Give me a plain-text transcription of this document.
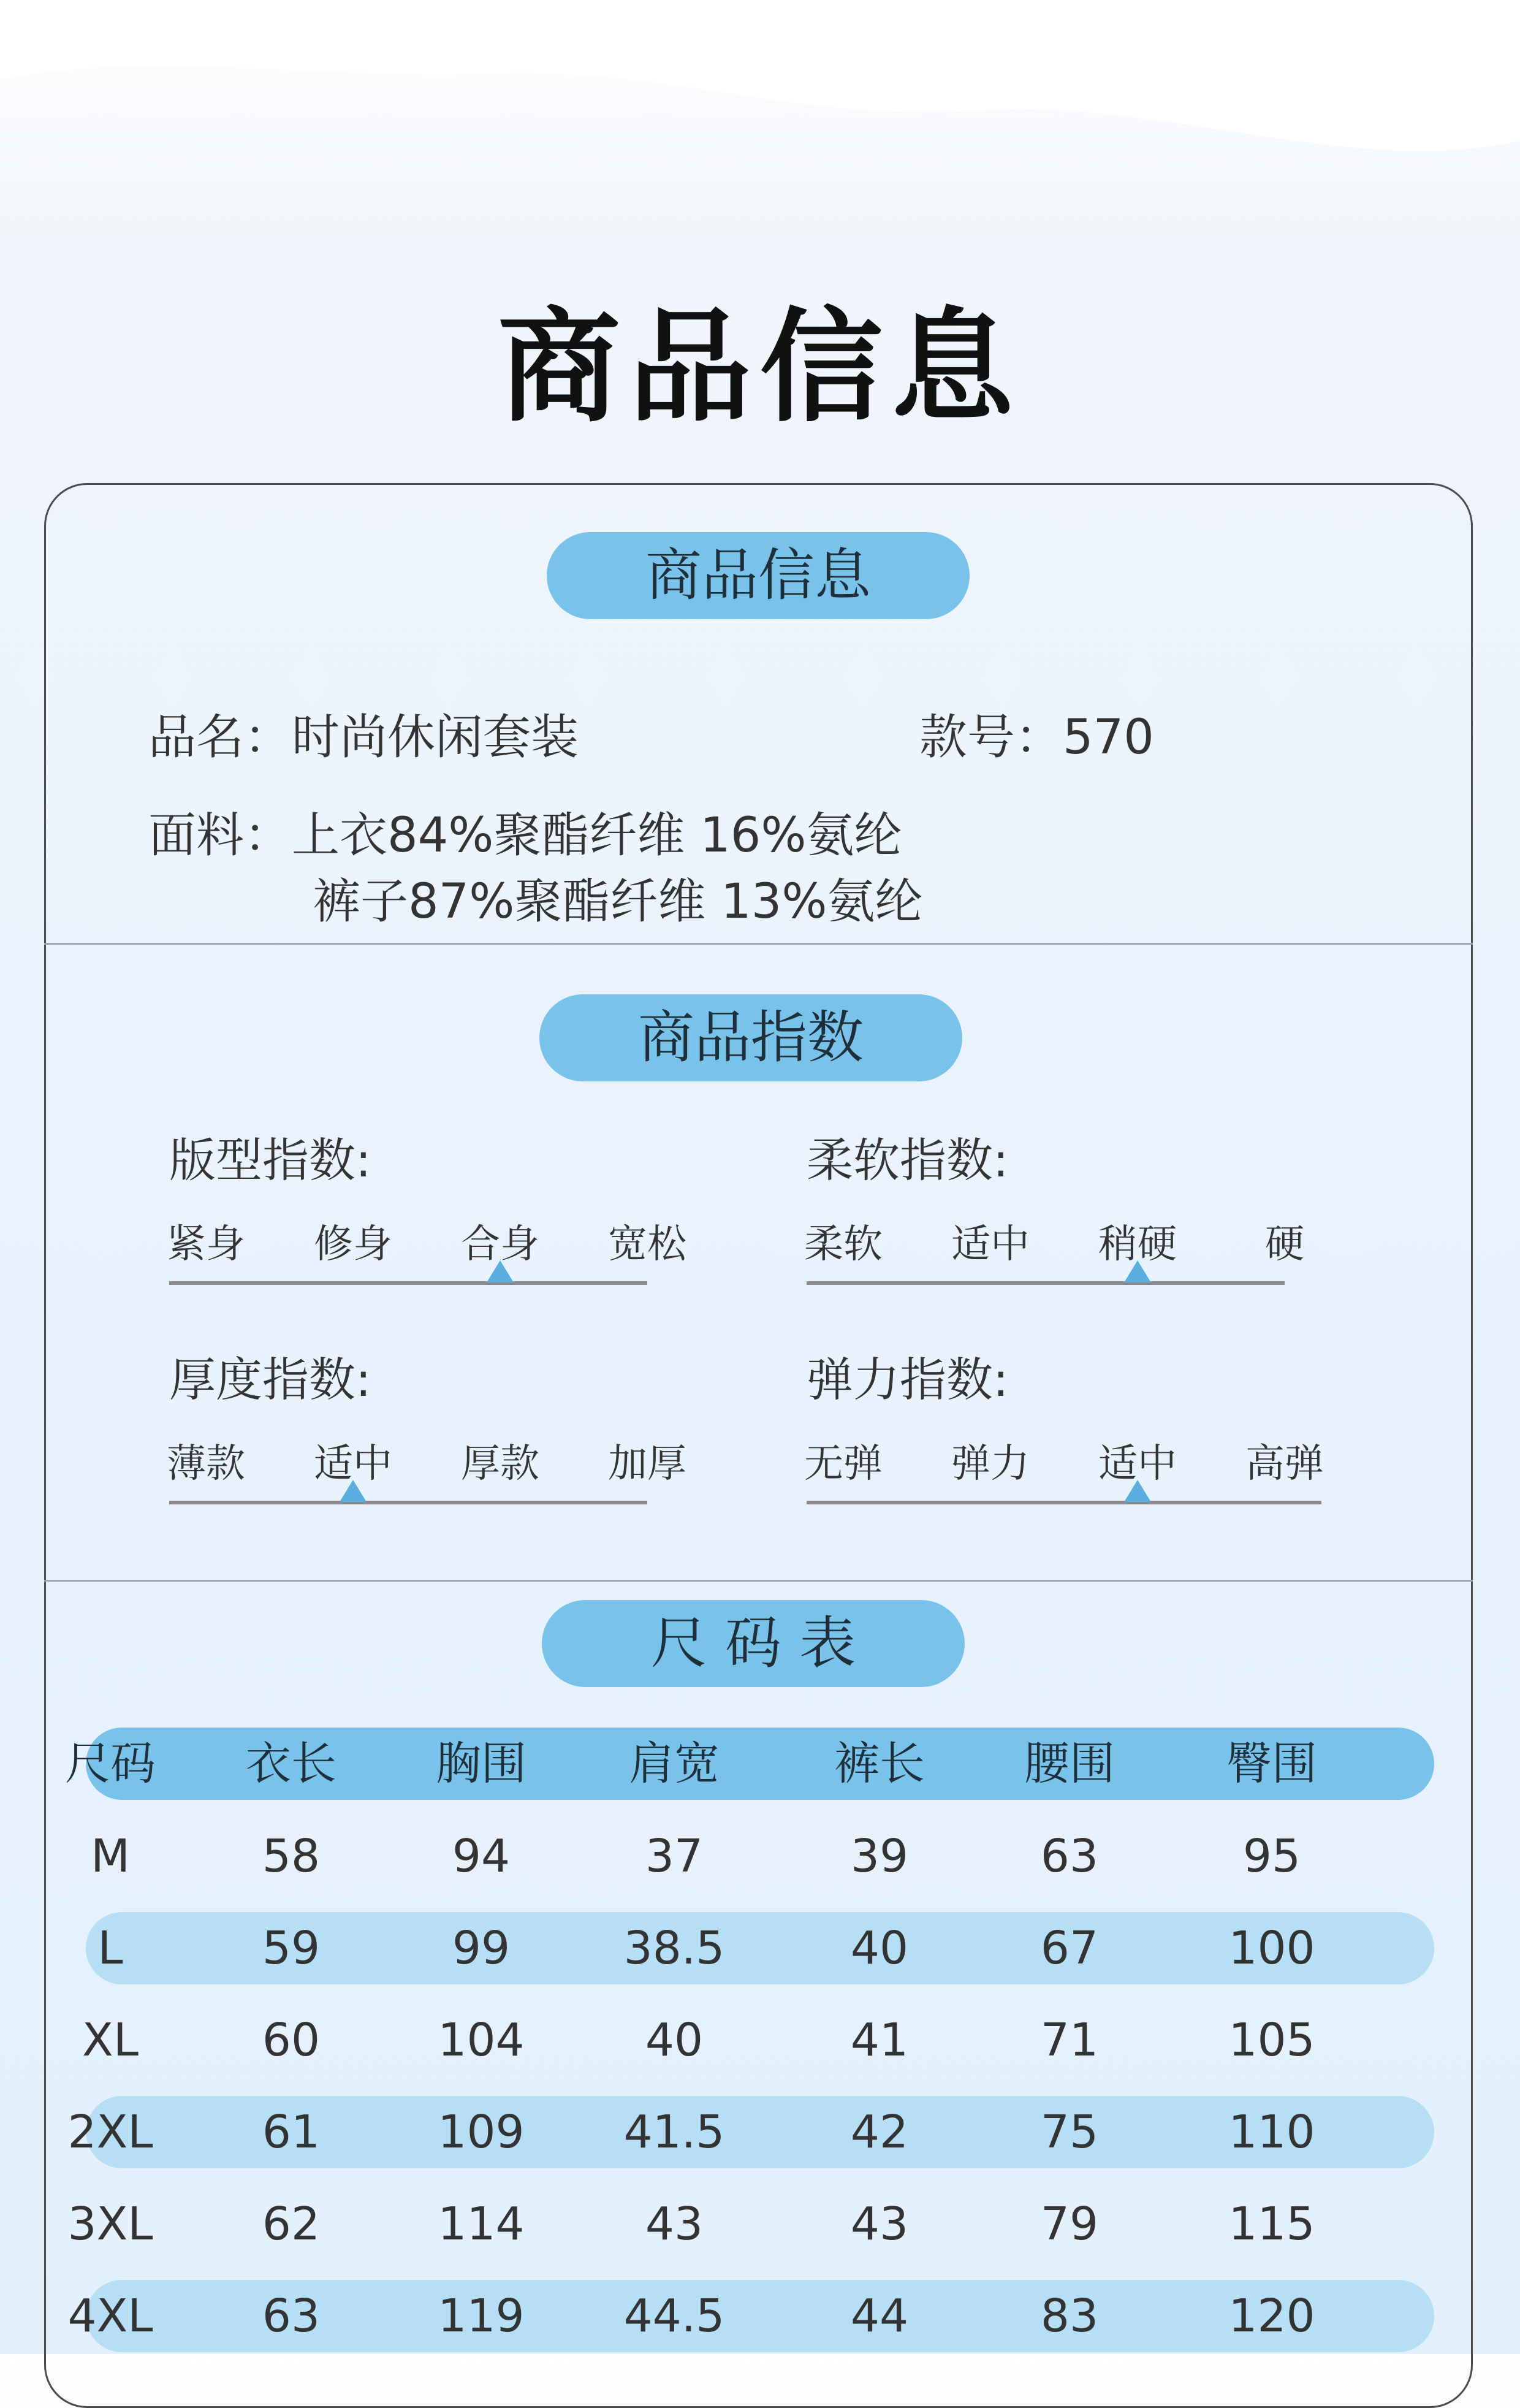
商品信息
商品信息
品名：时尚休闲套装	款号：570
面料：上衣84%聚酯纤维 16%氨纶
裤子87%聚酯纤维 13%氨纶
商品指数
版型指数:	柔软指数:
厚度指数:	弹力指数:
紧身 修身 合身 宽松	柔软 适中 稍硬 硬
薄款 适中 厚款 加厚	无弹 弹力 适中 高弹
尺 码 表
尺码 衣长 胸围 肩宽	裤长 腰围 臀围
M	58	94	37	39	63	95
L	59	99	38.5	40	67	100
XL	60	104	40	41	71	105
2XL 61	109 41.5	42	75	110
3XL 62	114	43	43	79	115
4XL 63	119 44.5	44	83	120
